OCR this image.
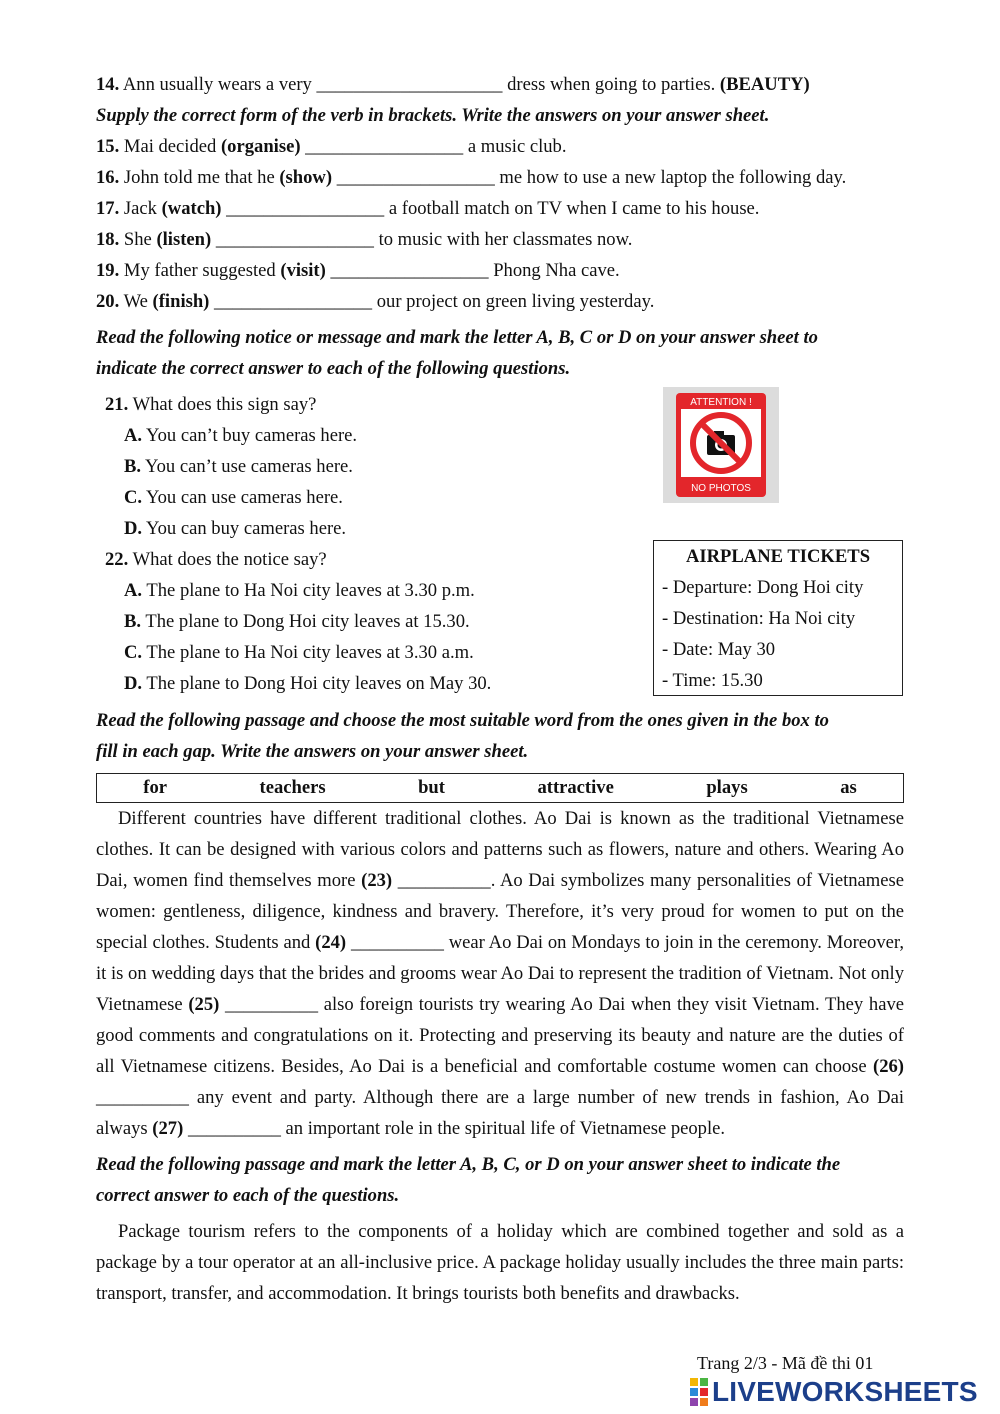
14. Ann usually wears a very ____________________ dress when going to parties. (BEAUTY)
Supply the correct form of the verb in brackets. Write the answers on your answer sheet.
15. Mai decided (organise) _________________ a music club.
16. John told me that he (show) _________________ me how to use a new laptop the following day.
17. Jack (watch) _________________ a football match on TV when I came to his house.
18. She (listen) _________________ to music with her classmates now.
19. My father suggested (visit) _________________ Phong Nha cave.
20. We (finish) _________________ our project on green living yesterday.
Read the following notice or message and mark the letter A, B, C or D on your answer sheet to
indicate the correct answer to each of the following questions.
21. What does this sign say?
A. You can’t buy cameras here.
B. You can’t use cameras here.
C. You can use cameras here.
D. You can buy cameras here.
ATTENTION !
NO PHOTOS
22. What does the notice say?
A. The plane to Ha Noi city leaves at 3.30 p.m.
B. The plane to Dong Hoi city leaves at 15.30.
C. The plane to Ha Noi city leaves at 3.30 a.m.
D. The plane to Dong Hoi city leaves on May 30.
AIRPLANE TICKETS
- Departure: Dong Hoi city
- Destination: Ha Noi city
- Date: May 30
- Time: 15.30
Read the following passage and choose the most suitable word from the ones given in the box to
fill in each gap. Write the answers on your answer sheet.
for	teachers	but	attractive	plays	as

Different countries have different traditional clothes. Ao Dai is known as the traditional Vietnamese clothes. It can be designed with various colors and patterns such as flowers, nature and others. Wearing Ao Dai, women find themselves more (23) __________. Ao Dai symbolizes many personalities of Vietnamese women: gentleness, diligence, kindness and bravery. Therefore, it’s very proud for women to put on the special clothes. Students and (24) __________ wear Ao Dai on Mondays to join in the ceremony. Moreover, it is on wedding days that the brides and grooms wear Ao Dai to represent the tradition of Vietnam. Not only Vietnamese (25) __________ also foreign tourists try wearing Ao Dai when they visit Vietnam. They have good comments and congratulations on it. Protecting and preserving its beauty and nature are the duties of all Vietnamese citizens. Besides, Ao Dai is a beneficial and comfortable costume women can choose (26) __________ any event and party. Although there are a large number of new trends in fashion, Ao Dai always (27) __________ an important role in the spiritual life of Vietnamese people.

Read the following passage and mark the letter A, B, C, or D on your answer sheet to indicate the
correct answer to each of the questions.

Package tourism refers to the components of a holiday which are combined together and sold as a package by a tour operator at an all-inclusive price. A package holiday usually includes the three main parts: transport, transfer, and accommodation. It brings tourists both benefits and drawbacks.

Trang 2/3 - Mã đề thi 01
LIVEWORKSHEETS
